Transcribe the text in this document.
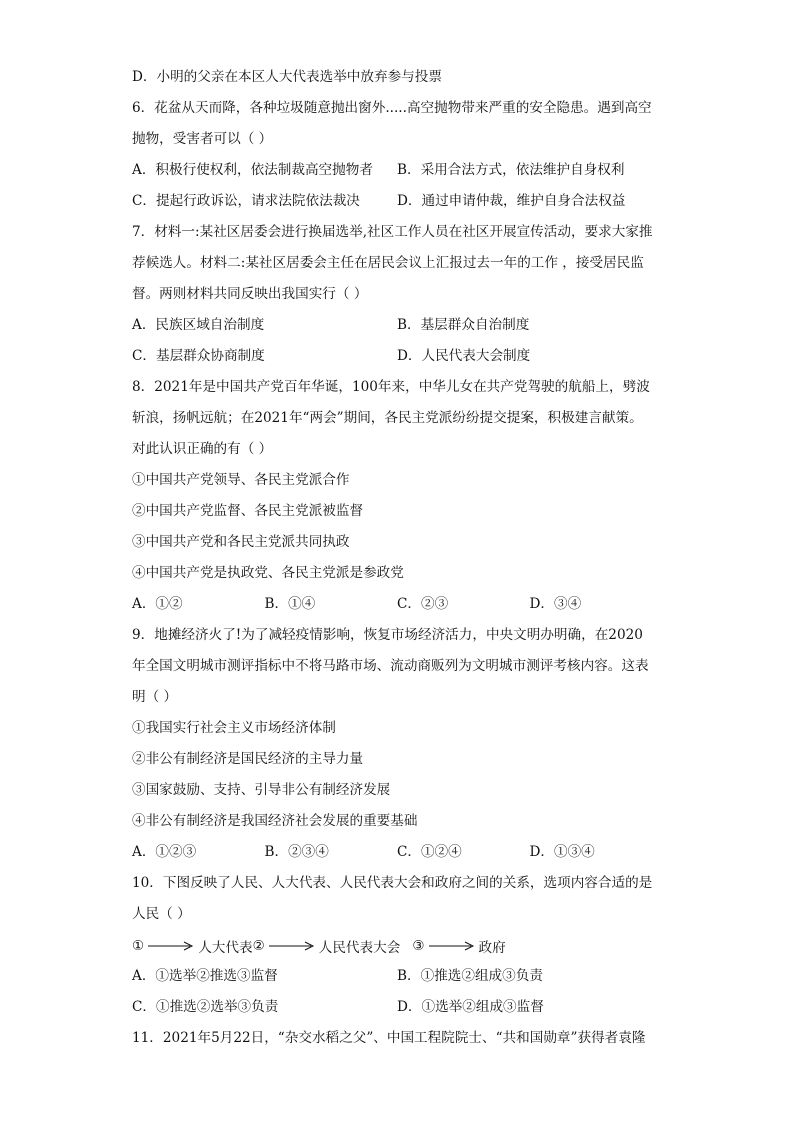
D．小明的父亲在本区人大代表选举中放弃参与投票
6．花盆从天而降，各种垃圾随意抛出窗外.....高空抛物带来严重的安全隐患。遇到高空
抛物，受害者可以（ ）
A．积极行使权利，依法制裁高空抛物者	B．采用合法方式，依法维护自身权利
C．提起行政诉讼，请求法院依法裁决	D．通过申请仲裁，维护自身合法权益
7．材料一:某社区居委会进行换届选举,社区工作人员在社区开展宣传活动，要求大家推
荐候选人。材料二:某社区居委会主任在居民会议上汇报过去一年的工作 ，接受居民监
督。两则材料共同反映出我国实行（ ）
A．民族区域自治制度	B．基层群众自治制度
C．基层群众协商制度	D．人民代表大会制度
8．2021年是中国共产党百年华诞，100年来，中华儿女在共产党驾驶的航船上，劈波
斩浪，扬帆远航；在2021年“两会”期间，各民主党派纷纷提交提案，积极建言献策。
对此认识正确的有（ ）
①中国共产党领导、各民主党派合作
②中国共产党监督、各民主党派被监督
③中国共产党和各民主党派共同执政
④中国共产党是执政党、各民主党派是参政党
A．①②	B．①④	C．②③	D．③④
9．地摊经济火了!为了减轻疫情影响，恢复市场经济活力，中央文明办明确，在2020
年全国文明城市测评指标中不将马路市场、流动商贩列为文明城市测评考核内容。这表
明（ ）
①我国实行社会主义市场经济体制
②非公有制经济是国民经济的主导力量
③国家鼓励、支持、引导非公有制经济发展
④非公有制经济是我国经济社会发展的重要基础
A．①②③	B．②③④	C．①②④	D．①③④
10．下图反映了人民、人大代表、人民代表大会和政府之间的关系，选项内容合适的是
人民（ ）
①	人大代表 ②	人民代表大会 ③	政府
A．①选举②推选③监督	B．①推选②组成③负责
C．①推选②选举③负责	D．①选举②组成③监督
11．2021年5月22日，“杂交水稻之父”、中国工程院院士、“共和国勋章”获得者袁隆
